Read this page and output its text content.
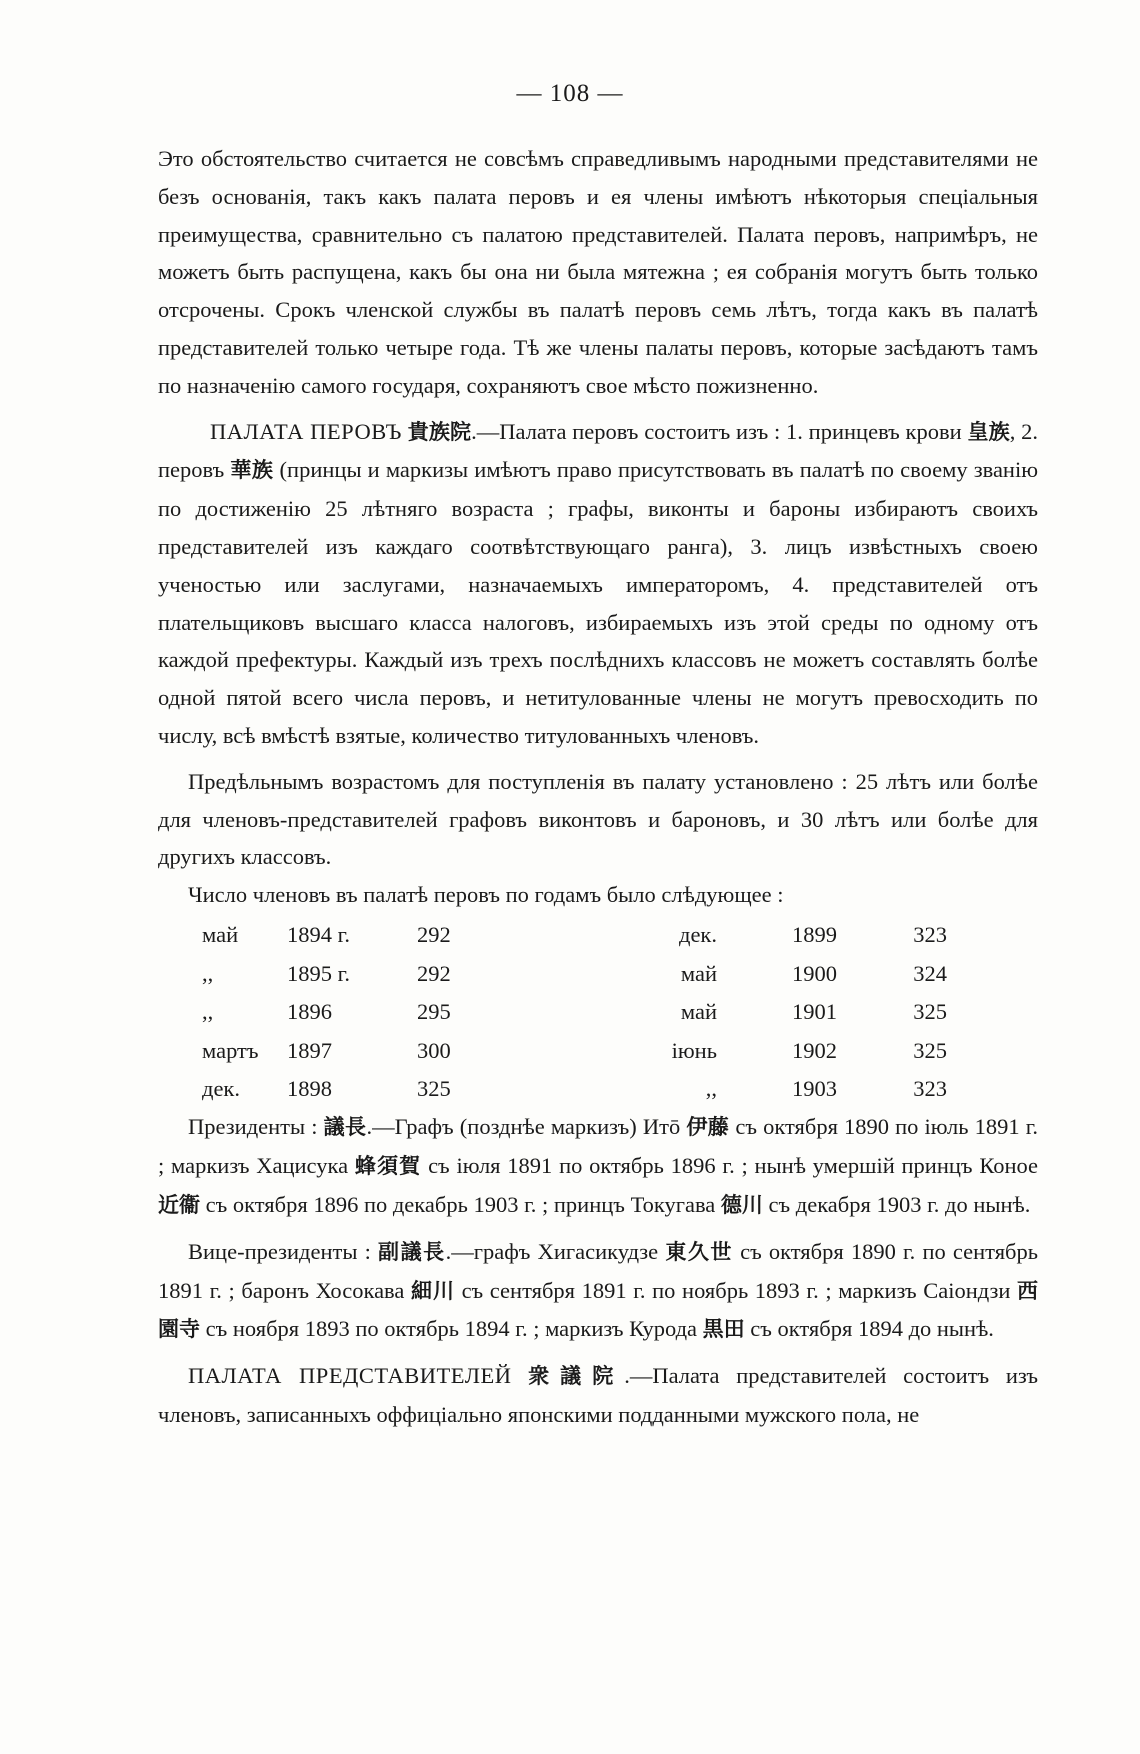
— 108 —

Это обстоятельство считается не совсѣмъ справедливымъ народными представителями не безъ основанія, такъ какъ палата перовъ и ея члены имѣютъ нѣкоторыя спеціальныя преимущества, сравнительно съ палатою представителей. Палата перовъ, напримѣръ, не можетъ быть распущена, какъ бы она ни была мятежна ; ея собранія могутъ быть только отсрочены. Срокъ членской службы въ палатѣ перовъ семь лѣтъ, тогда какъ въ палатѣ представителей только четыре года. Тѣ же члены палаты перовъ, которые засѣдаютъ тамъ по назначенію самого государя, сохраняютъ свое мѣсто пожизненно.

ПАЛАТА ПЕРОВЪ 貴族院.—Палата перовъ состоитъ изъ : 1. принцевъ крови 皇族, 2. перовъ 華族 (принцы и маркизы имѣютъ право присутствовать въ палатѣ по своему званію по достиженію 25 лѣтняго возраста ; графы, виконты и бароны избираютъ своихъ представителей изъ каждаго соотвѣтствующаго ранга), 3. лицъ извѣстныхъ своею ученостью или заслугами, назначаемыхъ императоромъ, 4. представителей отъ плательщиковъ высшаго класса налоговъ, избираемыхъ изъ этой среды по одному отъ каждой префектуры. Каждый изъ трехъ послѣднихъ классовъ не можетъ составлять болѣе одной пятой всего числа перовъ, и нетитулованные члены не могутъ превосходить по числу, всѣ вмѣстѣ взятые, количество титулованныхъ членовъ.

Предѣльнымъ возрастомъ для поступленія въ палату установлено : 25 лѣтъ или болѣе для членовъ-представителей графовъ виконтовъ и бароновъ, и 30 лѣтъ или болѣе для другихъ классовъ.

Число членовъ въ палатѣ перовъ по годамъ было слѣдующее :

май	1894 г.	292	дек.	1899	323
,,	1895 г.	292	май	1900	324
,,	1896	295	май	1901	325
мартъ	1897	300	іюнь	1902	325
дек.	1898	325	,,	1903	323

Президенты : 議長.—Графъ (позднѣе маркизъ) Итō 伊藤 съ октября 1890 по іюль 1891 г. ; маркизъ Хацисука 蜂須賀 съ іюля 1891 по октябрь 1896 г. ; нынѣ умершій принцъ Коное 近衞 съ октября 1896 по декабрь 1903 г. ; принцъ Токугава 德川 съ декабря 1903 г. до нынѣ.

Вице-президенты : 副議長.—графъ Хигасикудзе 東久世 съ октября 1890 г. по сентябрь 1891 г. ; баронъ Хосокава 細川 съ сентября 1891 г. по ноябрь 1893 г. ; маркизъ Саіондзи 西園寺 съ ноября 1893 по октябрь 1894 г. ; маркизъ Курода 黒田 съ октября 1894 до нынѣ.

ПАЛАТА ПРЕДСТАВИТЕЛЕЙ 衆議院.—Палата представителей состоитъ изъ членовъ, записанныхъ оффиціально японскими подданными мужского пола, не
